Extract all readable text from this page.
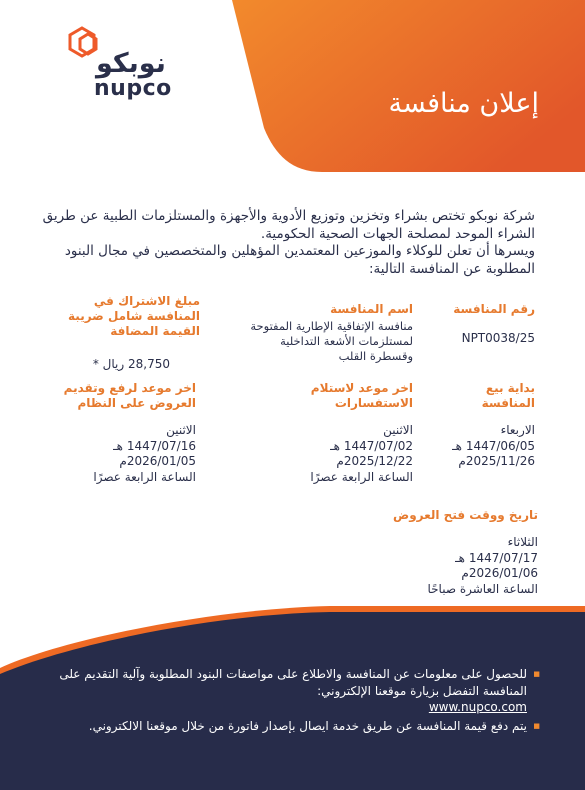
نوبكو
nupco	إعلان منافسة

شركة نوبكو تختص بشراء وتخزين وتوزيع الأدوية والأجهزة والمستلزمات الطبية عن طريق الشراء الموحد لمصلحة الجهات الصحية الحكومية.

ويسرها أن تعلن للوكلاء والموزعين المعتمدين المؤهلين والمتخصصين في مجال البنود المطلوبة عن المنافسة التالية:

رقم المنافسة
NPT0038/25
اسم المنافسة
منافسة الإتفاقية الإطارية المفتوحة لمستلزمات الأشعة التداخلية وقسطرة القلب
مبلغ الاشتراك في المنافسة شامل ضريبة القيمة المضافة
28,750 ريال *
بداية بيع المنافسة
الاربعاء
1447/06/05 هـ
2025/11/26م
اخر موعد لاستلام الاستفسارات
الاثنين
1447/07/02 هـ
2025/12/22م
الساعة الرابعة عصرًا
اخر موعد لرفع وتقديم العروض على النظام
الاثنين
1447/07/16 هـ
2026/01/05م
الساعة الرابعة عصرًا
تاريخ ووقت فتح العروض
الثلاثاء
1447/07/17 هـ
2026/01/06م
الساعة العاشرة صباحًا
■ للحصول على معلومات عن المنافسة والاطلاع على مواصفات البنود المطلوبة وآلية التقديم على المنافسة التفضل بزيارة موقعنا الإلكتروني:
www.nupco.com
■ يتم دفع قيمة المنافسة عن طريق خدمة ايصال بإصدار فاتورة من خلال موقعنا الالكتروني.
